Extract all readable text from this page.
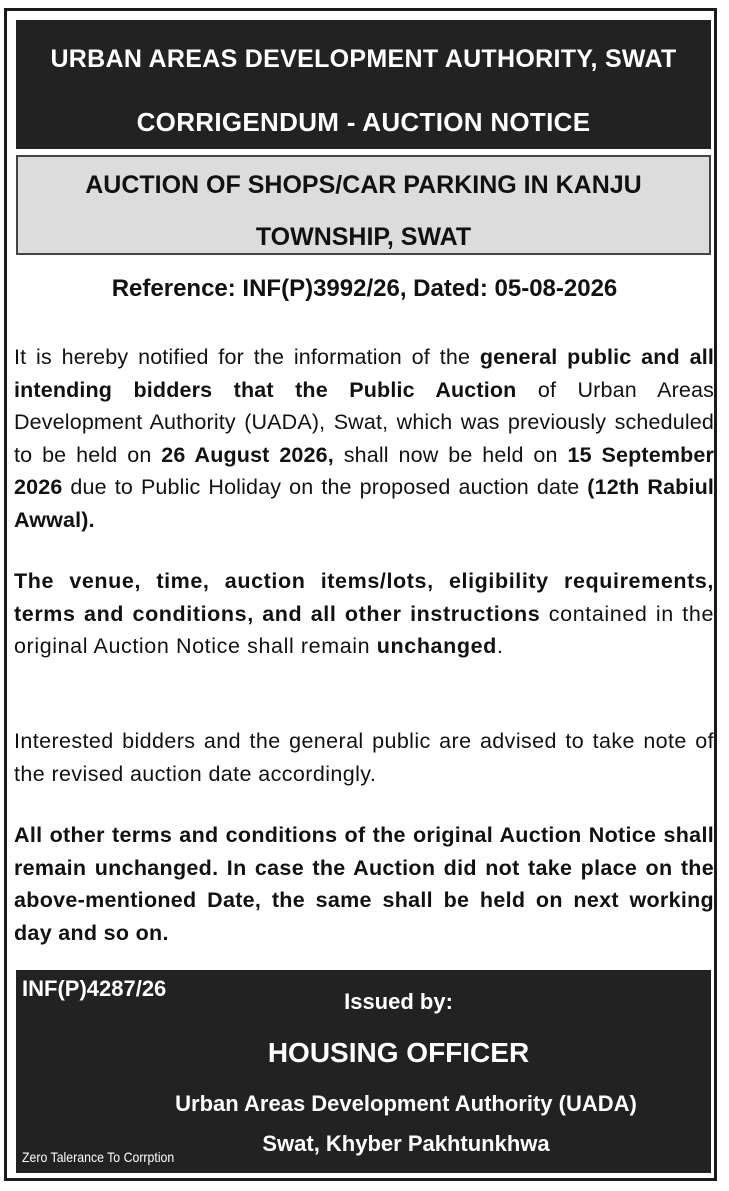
URBAN AREAS DEVELOPMENT AUTHORITY, SWAT
CORRIGENDUM - AUCTION NOTICE
AUCTION OF SHOPS/CAR PARKING IN KANJU
TOWNSHIP, SWAT
Reference: INF(P)3992/26, Dated: 05-08-2026
It is hereby notified for the information of the general public and all intending bidders that the Public Auction of Urban Areas Development Authority (UADA), Swat, which was previously scheduled to be held on 26 August 2026, shall now be held on 15 September 2026 due to Public Holiday on the proposed auction date (12th Rabiul Awwal).
The venue, time, auction items/lots, eligibility requirements, terms and conditions, and all other instructions contained in the original Auction Notice shall remain unchanged.
Interested bidders and the general public are advised to take note of the revised auction date accordingly.
All other terms and conditions of the original Auction Notice shall remain unchanged. In case the Auction did not take place on the above-mentioned Date, the same shall be held on next working day and so on.
INF(P)4287/26
Issued by:
HOUSING OFFICER
Urban Areas Development Authority (UADA)
Swat, Khyber Pakhtunkhwa
Zero Talerance To Corrption
